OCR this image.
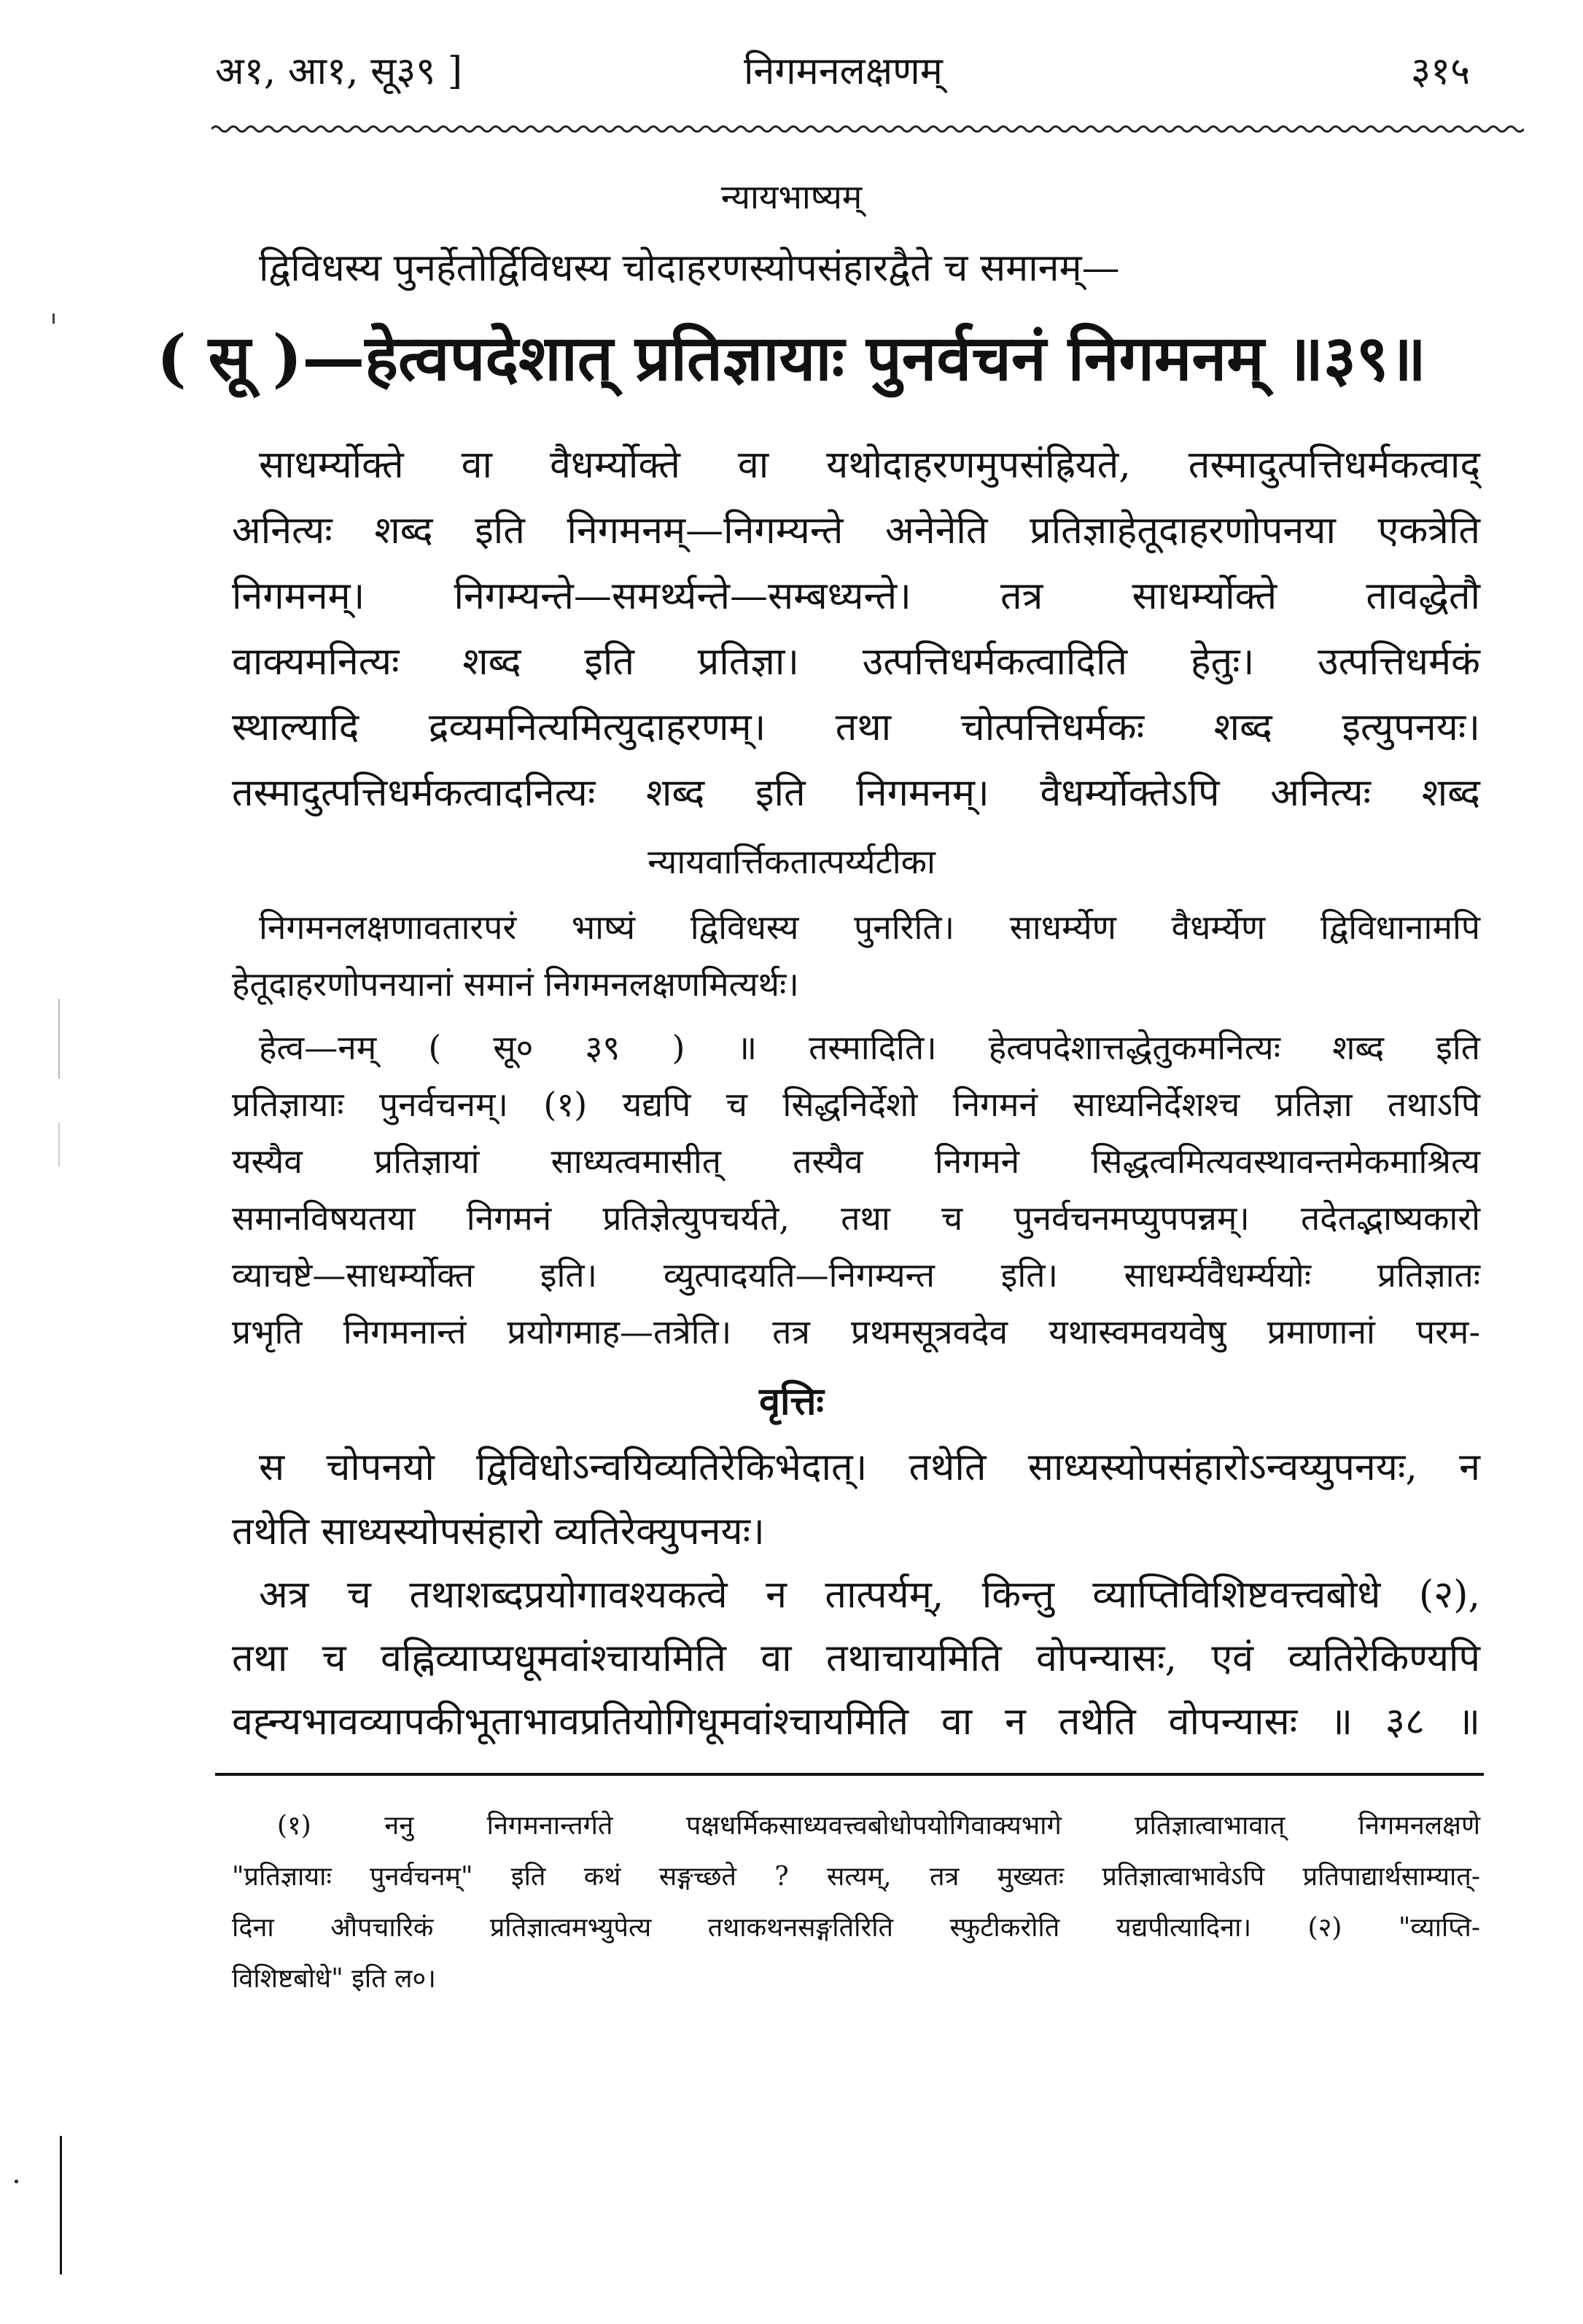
अ१, आ१, सू३९ ]	निगमनलक्षणम्	३१५
न्यायभाष्यम्
द्विविधस्य पुनर्हेतोर्द्विविधस्य चोदाहरणस्योपसंहारद्वैते च समानम्—
( सू )—हेत्वपदेशात् प्रतिज्ञायाः पुनर्वचनं निगमनम् ॥३९॥
साधर्म्योक्ते वा वैधर्म्योक्ते वा यथोदाहरणमुपसंह्रियते, तस्मादुत्पत्तिधर्मकत्वाद्
अनित्यः शब्द इति निगमनम्—निगम्यन्ते अनेनेति प्रतिज्ञाहेतूदाहरणोपनया एकत्रेति
निगमनम्। निगम्यन्ते—समर्थ्यन्ते—सम्बध्यन्ते। तत्र साधर्म्योक्ते तावद्धेतौ
वाक्यमनित्यः शब्द इति प्रतिज्ञा। उत्पत्तिधर्मकत्वादिति हेतुः। उत्पत्तिधर्मकं
स्थाल्यादि द्रव्यमनित्यमित्युदाहरणम्। तथा चोत्पत्तिधर्मकः शब्द इत्युपनयः।
तस्मादुत्पत्तिधर्मकत्वादनित्यः शब्द इति निगमनम्। वैधर्म्योक्तेऽपि अनित्यः शब्द
न्यायवार्त्तिकतात्पर्य्यटीका
निगमनलक्षणावतारपरं भाष्यं द्विविधस्य पुनरिति। साधर्म्येण वैधर्म्येण द्विविधानामपि
हेतूदाहरणोपनयानां समानं निगमनलक्षणमित्यर्थः।
हेत्व—नम् ( सू० ३९ ) ॥ तस्मादिति। हेत्वपदेशात्तद्धेतुकमनित्यः शब्द इति
प्रतिज्ञायाः पुनर्वचनम्। (१) यद्यपि च सिद्धनिर्देशो निगमनं साध्यनिर्देशश्च प्रतिज्ञा तथाऽपि
यस्यैव प्रतिज्ञायां साध्यत्वमासीत् तस्यैव निगमने सिद्धत्वमित्यवस्थावन्तमेकमाश्रित्य
समानविषयतया निगमनं प्रतिज्ञेत्युपचर्यते, तथा च पुनर्वचनमप्युपपन्नम्। तदेतद्भाष्यकारो
व्याचष्टे—साधर्म्योक्त इति। व्युत्पादयति—निगम्यन्त इति। साधर्म्यवैधर्म्ययोः प्रतिज्ञातः
प्रभृति निगमनान्तं प्रयोगमाह—तत्रेति। तत्र प्रथमसूत्रवदेव यथास्वमवयवेषु प्रमाणानां परम-
वृत्तिः
स चोपनयो द्विविधोऽन्वयिव्यतिरेकिभेदात्। तथेति साध्यस्योपसंहारोऽन्वय्युपनयः, न
तथेति साध्यस्योपसंहारो व्यतिरेक्युपनयः।
अत्र च तथाशब्दप्रयोगावश्यकत्वे न तात्पर्यम्, किन्तु व्याप्तिविशिष्टवत्त्वबोधे (२),
तथा च वह्निव्याप्यधूमवांश्चायमिति वा तथाचायमिति वोपन्यासः, एवं व्यतिरेकिण्यपि
वह्न्यभावव्यापकीभूताभावप्रतियोगिधूमवांश्चायमिति वा न तथेति वोपन्यासः ॥ ३८ ॥
(१) ननु निगमनान्तर्गते पक्षधर्मिकसाध्यवत्त्वबोधोपयोगिवाक्यभागे प्रतिज्ञात्वाभावात् निगमनलक्षणे
"प्रतिज्ञायाः पुनर्वचनम्" इति कथं सङ्गच्छते ? सत्यम्, तत्र मुख्यतः प्रतिज्ञात्वाभावेऽपि प्रतिपाद्यार्थसाम्यात्-
दिना औपचारिकं प्रतिज्ञात्वमभ्युपेत्य तथाकथनसङ्गतिरिति स्फुटीकरोति यद्यपीत्यादिना। (२) "व्याप्ति-
विशिष्टबोधे" इति ल०।
